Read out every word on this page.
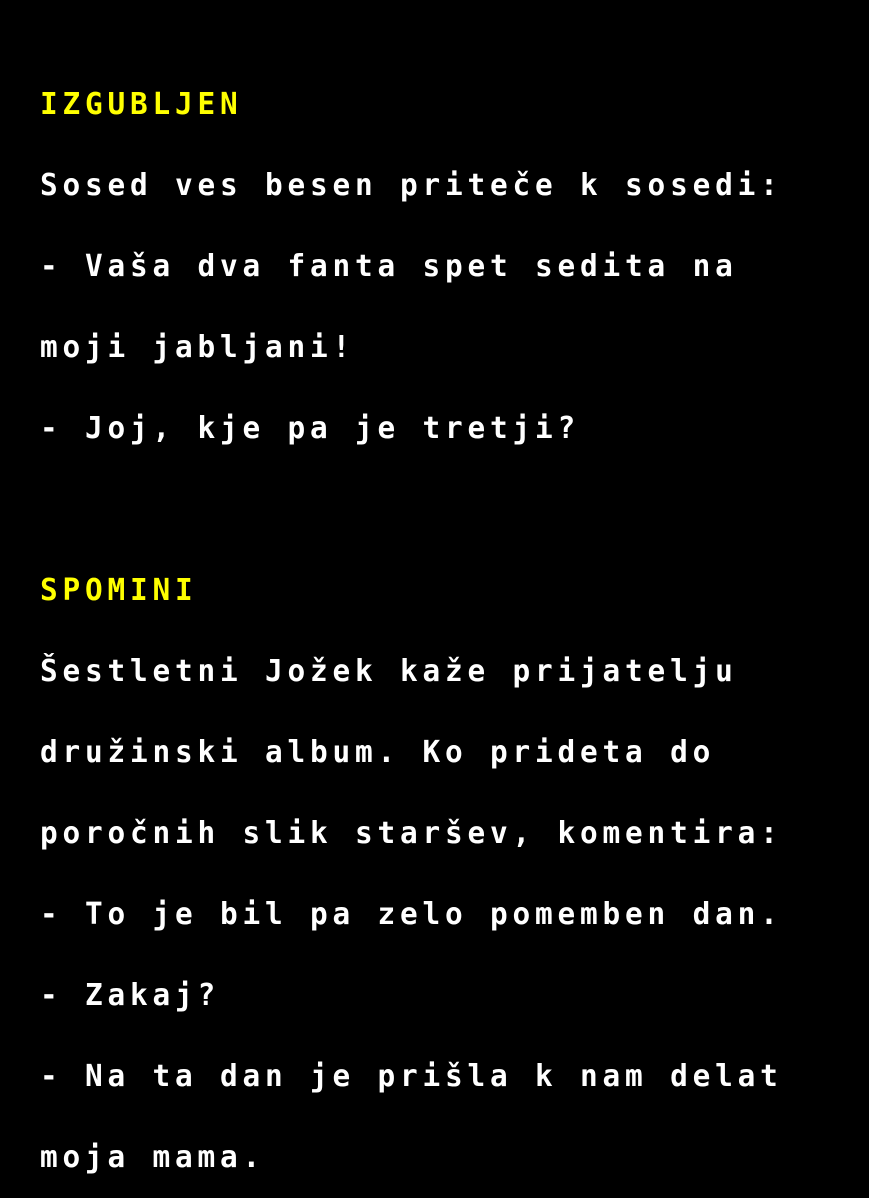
IZGUBLJEN

Sosed ves besen priteče k sosedi:

- Vaša dva fanta spet sedita na

moji jabljani!

- Joj, kje pa je tretji?

SPOMINI

Šestletni Jožek kaže prijatelju

družinski album. Ko prideta do

poročnih slik staršev, komentira:

- To je bil pa zelo pomemben dan.

- Zakaj?

- Na ta dan je prišla k nam delat

moja mama.
